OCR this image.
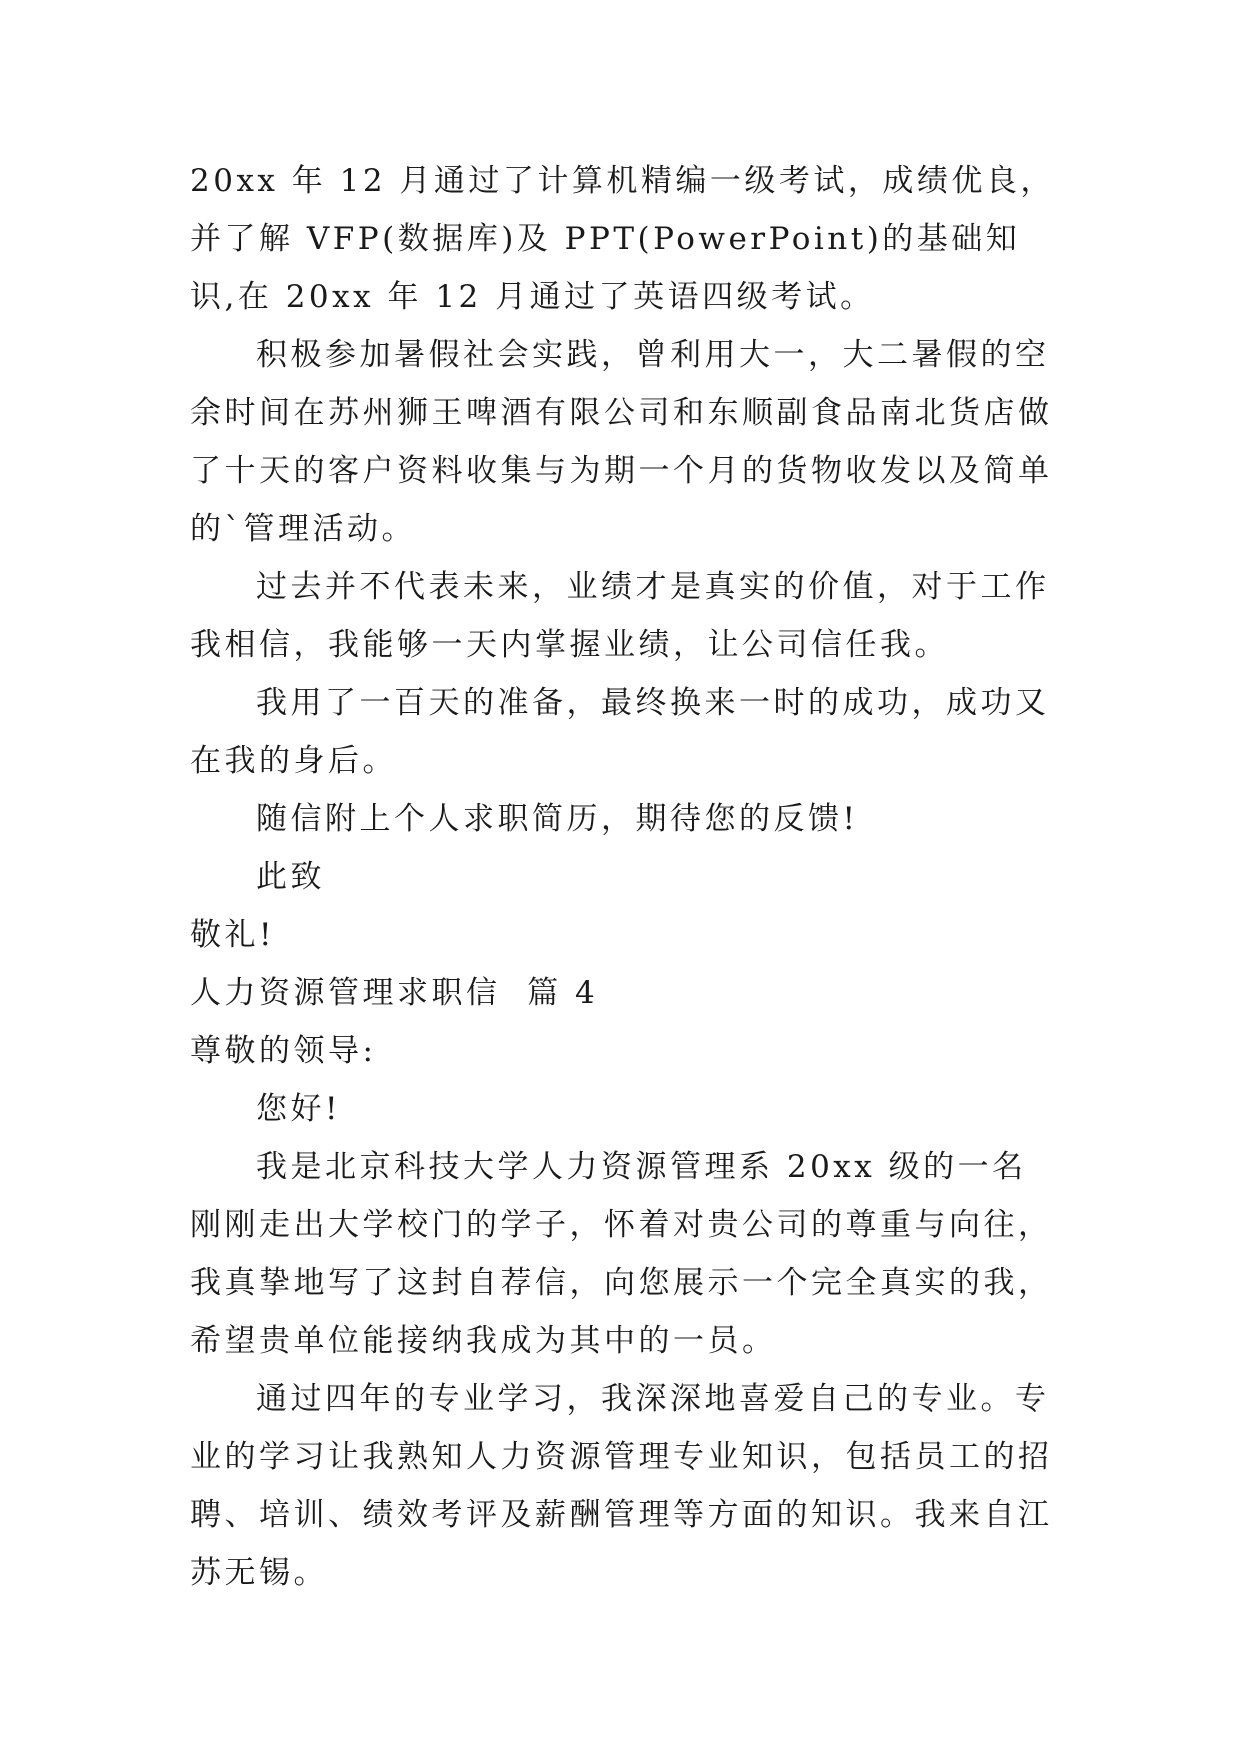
20xx 年 12 月通过了计算机精编一级考试，成绩优良，并了解 VFP(数据库)及 PPT(PowerPoint)的基础知识,在 20xx 年 12 月通过了英语四级考试。

积极参加暑假社会实践，曾利用大一，大二暑假的空余时间在苏州狮王啤酒有限公司和东顺副食品南北货店做了十天的客户资料收集与为期一个月的货物收发以及简单的`管理活动。

过去并不代表未来，业绩才是真实的价值，对于工作我相信，我能够一天内掌握业绩，让公司信任我。

我用了一百天的准备，最终换来一时的成功，成功又在我的身后。

随信附上个人求职简历，期待您的反馈!

此致

敬礼!

人力资源管理求职信  篇 4

尊敬的领导:

您好!

我是北京科技大学人力资源管理系 20xx 级的一名刚刚走出大学校门的学子，怀着对贵公司的尊重与向往，我真挚地写了这封自荐信，向您展示一个完全真实的我，希望贵单位能接纳我成为其中的一员。

通过四年的专业学习，我深深地喜爱自己的专业。专业的学习让我熟知人力资源管理专业知识，包括员工的招聘、培训、绩效考评及薪酬管理等方面的知识。我来自江苏无锡。
